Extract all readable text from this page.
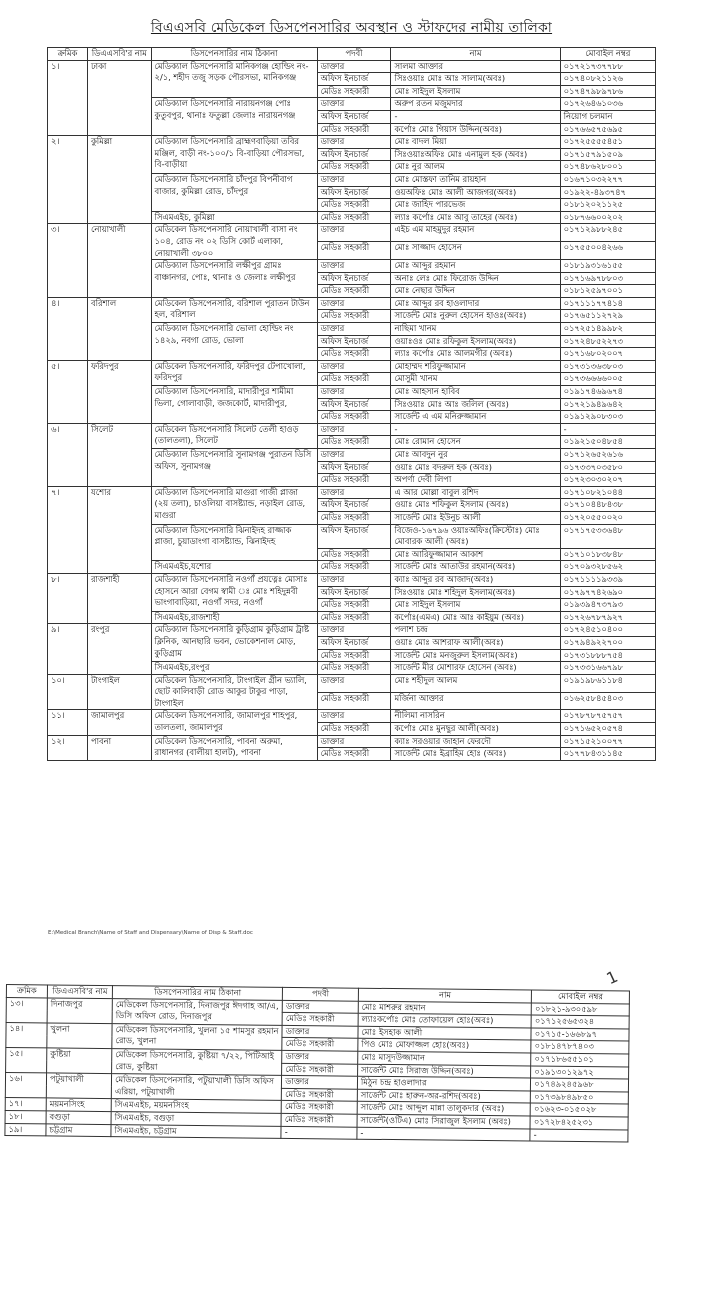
বিএএসবি মেডিকেল ডিসপেনসারির অবস্থান ও স্টাফদের নামীয় তালিকা
ক্রমিক	ডিএএসবি'র নাম	ডিসপেনসারির নাম ঠিকানা	পদবী	নাম	মোবাইল নম্বর
১।	ঢাকা	মেডিক্যাল ডিসপেনসারি মানিকগঞ্জ হোল্ডিং নং- ২/১, শহীদ তজু সড়ক পৌরসভা, মানিকগঞ্জ	ডাক্তার	সালমা আক্তার	০১৭২১৭৩৭৭৮৮
			অফিস ইনচার্জ	সিঃওয়াঃ মোঃ আঃ সালাম(অবঃ)	০১৭৪০৮২১১২৬
			মেডিঃ সহকারী	মোঃ সাইদুল ইসলাম	০১৭৪৭৯৮৯৭৮৬
		মেডিক্যাল ডিসপেনসারি নারায়নগঞ্জ পোঃ কুতুবপুর, থানাঃ ফতুল্লা জেলাঃ নারায়নগঞ্জ	ডাক্তার	অরুপ রতন মজুমদার	০১৭২৬৪৬১০৩৬
			অফিস ইনচার্জ	-	নিয়োগ চলমান
			মেডিঃ সহকারী	কর্পোঃ মোঃ গিয়াস উদ্দিন(অবঃ)	০১৭৬৬৫৭৫৬৯৫
২।	কুমিল্লা	মেডিক্যাল ডিসপেনসারি ব্রাহ্মণবাড়িয়া তবির মঞ্জিল, বাড়ী নং-১০০/১ বি-বাড়িয়া পৌরসভা, বি-বাড়ীয়া	ডাক্তার	মোঃ বাদল মিয়া	০১৭২৫৫৫৫৪৫১
			অফিস ইনচার্জ	সিঃওয়াঃঅফিঃ মোঃ এনামুল হক (অবঃ)	০১৭১৫৭৯১৫০৯
			মেডিঃ সহকারী	মোঃ নুর আলম	০১৭৪৮৬২৮০০১
		মেডিক্যাল ডিসপেনসারি চাঁদপুর বিপনীবাগ বাজার, কুমিল্লা রোড, চাঁদপুর	ডাক্তার	মোঃ মোস্তফা তানিম রায়হান	০১৬৭১০৩২২৭৭
			অফিস ইনচার্জ	ওয়অফিঃ মোঃ আলী আজগর(অবঃ)	০১৯২২-৪৯৩৭৪৭
			মেডিঃ সহকারী	মোঃ জাহিদ পারভেজ	০১৮১২০২১১২৫
		সিএমএইচ, কুমিল্লা	মেডিঃ সহকারী	ল্যাঃ কর্পোঃ মোঃ আবু তাহের (অবঃ)	০১৮৭৬৬০০২০২
৩।	নোয়াখালী	মেডিকেল ডিসপেনসারি নোয়াখালী বাসা নং ১০৪, রোড নং ০২ ডিসি কোর্ট এলাকা, নোয়াখালী ৩৮০০	ডাক্তার	এইচ এম মাহমুদুর রহমান	০১৭১২৯৮৮২৪৫
			মেডিঃ সহকারী	মোঃ সাজ্জাদ হোসেন	০১৭৫৫০০৪২৬৬
		মেডিক্যাল ডিসপেনসারি লক্ষীপুর গ্রামঃ বাঞ্চানগর, পোঃ, থানাঃ ও জেলাঃ লক্ষীপুর	ডাক্তার	মোঃ আব্দুর রহমান	০১৮১৯৩১৬১৫৫
			অফিস ইনচার্জ	অনাঃ লেঃ মোঃ ফিরোজ উদ্দিন	০১৭১৬৯৭৮৮০৩
			মেডিঃ সহকারী	মোঃ নেছার উদ্দিন	০১৮১২৫৯৭০০১
৪।	বরিশাল	মেডিকেল ডিসপেনসারি, বরিশাল পুরাতন টাউন হল, বরিশাল	ডাক্তার	মোঃ আব্দুর রব হাওলাদার	০১৭১১১৭৭৪১৪
			মেডিঃ সহকারী	সার্জেন্ট মোঃ নুরুল হোসেন হাওঃ(অবঃ)	০১৭৬৫১১২৭২৯
		মেডিক্যাল ডিসপেনসারি ভোলা হোল্ডিং নং ১৪২৯, নবগা রোড, ভোলা	ডাক্তার	নাছিমা খানম	০১৭২৫১৪৯৯৮২
			অফিস ইনচার্জ	ওয়াঃওঃ মোঃ রফিকুল ইসলাম(অবঃ)	০১৭২৪৮৫২২৭৩
			মেডিঃ সহকারী	ল্যাঃ কর্পোঃ মোঃ আলমগীর (অবঃ)	০১৭১৬৮০২০০৭
৫।	ফরিদপুর	মেডিকেল ডিসপেনসারি, ফরিদপুর টেপাখোলা, ফরিদপুর	ডাক্তার	মোহাম্মদ শরিফুজ্জামান	০১৭৩১৩৬৩৮০৩
			মেডিঃ সহকারী	মোসুমী খানম	০১৭৩৬৬৬৬০০৫
		মেডিক্যাল ডিসপেনসারি, মাদারীপুর শামীমা ভিলা, গোলাবাড়ী, জজকোর্ট, মাদারীপুর,	ডাক্তার	মোঃ আহসান হাবিব	০১৯১৭৪৬৯৬৭৪
			অফিস ইনচার্জ	সিঃওয়াঃ মোঃ আঃ জলিল (অবঃ)	০১৭২১৯৪৯৬৪২
			মেডিঃ সহকারী	সার্জেন্ট এ এম মনিরুজ্জামান	০১৯১২৯০৮৩০৩
৬।	সিলেট	মেডিকেল ডিসপেনসারি সিলেট তেলী হাওড় (তালতলা), সিলেট	ডাক্তার	-	-
			মেডিঃ সহকারী	মোঃ রোমান হোসেন	০১৯২১৫০৪৮৫৪
		মেডিক্যাল ডিসপেনসারি সুনামগঞ্জ পুরাতন ডিসি অফিস, সুনামগঞ্জ	ডাক্তার	মোঃ আবদুন নুর	০১৭১২৬৫২৬১৬
			অফিস ইনচার্জ	ওয়াঃ মোঃ বদরুল হক (অবঃ)	০১৭৩৩৭০৩৫৮০
			মেডিঃ সহকারী	অপর্ণা দেবী লিপা	০১৭২৩০৩০২০৭
৭।	যশোর	মেডিক্যাল ডিসপেনসারি মাগুরা গাজী প্লাজা (২য় তলা), চাওলিয়া বাসষ্ট্যান্ড, নড়াইল রোড, মাগুরা	ডাক্তার	এ আর মোল্লা বাবুল রশিদ	০১৭১০৮২১০৪৪
			অফিস ইনচার্জ	ওয়াঃ মোঃ শফিকুল ইসলাম (অবঃ)	০১৭১০৪৪৮৪৩৮
			মেডিঃ সহকারী	সার্জেন্ট মোঃ ইউনুচ আলী	০১৭২০৫৫০০২০
		মেডিক্যাল ডিসপেনসারি ঝিনাইদহ রাজ্জাক প্লাজা, চুয়াডাংগা বাসষ্ট্যান্ড, ঝিনাইদহ	অফিস ইনচার্জ	বিজেও-১৬৭৯৬ ওয়াঃঅফিঃ(ক্রিস্টোঃ) মোঃ মোবারক আলী (অবঃ)	০১৭১৭৫৩৩৬৪৮
			মেডিঃ সহকারী	মোঃ আরিফুজ্জামান আকাশ	০১৭১০১৮৩৮৪৮
		সিএমএইচ,যশোর	মেডিঃ সহকারী	সার্জেন্ট মোঃ আতাউর রহমান(অবঃ)	০১৭০৯৩২৮৫৬২
৮।	রাজশাহী	মেডিক্যাল ডিসপেনসারি নওগাঁ প্রযত্নেঃ মোসাঃ হোসনে আরা বেগম স্বামী ঃ মোঃ শহিদুন্নবী ভাংগাবাড়িয়া, নওগাঁ সদর, নওগাঁ	ডাক্তার	ক্যাঃ আব্দুর রব আজাদ(অবঃ)	০১৭১১১১৯৩৩৯
			অফিস ইনচার্জ	সিঃওয়াঃ মোঃ শহিদুল ইসলাম(অবঃ)	০১৭৯৭৭৪২৬৯০
			মেডিঃ সহকারী	মোঃ সাইদুল ইসলাম	০১৯৩৯৪৭৩৭৯৩
		সিএমএইচ,রাজশাহী	মেডিঃ সহকারী	কর্পোঃ(এমএ) মোঃ আঃ কাইয়ুম (অবঃ)	০১৭২৬৭৮৭৯২৭
৯।	রংপুর	মেডিক্যাল ডিসপেনসারি কুড়িগ্রাম কুড়িগ্রাম ট্রাষ্ট ক্লিনিক, আনছারি ভবন, ভোকেশনাল মোড়, কুড়িগ্রাম	ডাক্তার	পলাশ চন্দ্র	০১৭২৪৫১০৪০০
			অফিস ইনচার্জ	ওয়াঃ মোঃ আশরাফ আলী(অবঃ)	০১৭৯৪৯২২৭০০
			মেডিঃ সহকারী	সার্জেন্ট মোঃ মনজুরুল ইসলাম(অবঃ)	০১৭৩১৮৮৮৭৫৪
		সিএমএইচ,রংপুর	মেডিঃ সহকারী	সার্জেন্ট মীর মোশারফ হোসেন (অবঃ)	০১৭৩৩১৬৬৭৯৮
১০।	টাংগাইল	মেডিকেল ডিসপেনসারি, টাংগাইল গ্রীন ভ্যালি, ছোট কালিবাড়ী রোড আকুর টাকুর পাড়া, টাংগাইল	ডাক্তার	মোঃ শহীদুল আলম	০১৯১৯৮৬১১৮৪
			মেডিঃ সহকারী	মর্জিনা আক্তার	০১৬২৫৮৪৫৪০৩
১১।	জামালপুর	মেডিকেল ডিসপেনসারি, জামালপুর শাহপুর, তালতলা, জামালপুর	ডাক্তার	নীলিমা নাসরিন	০১৭৮৭৮৭৫৭৫৭
			মেডিঃ সহকারী	কর্পোঃ মোঃ মুনছুর আলী(অবঃ)	০১৭১৬৫২০৫৭৪
১২।	পাবনা	মেডিকেল ডিসপেনসারি, পাবনা অরুমা, রাধানগর (বালীয়া হালট), পাবনা	ডাক্তার	ক্যাঃ সরওয়ার জাহান ফেরদৌ	০১৭১৫২১০০৭৭
			মেডিঃ সহকারী	সার্জেন্ট মোঃ ইব্রাহিম হোঃ (অবঃ)	০১৭৭৮৪৩১১৪৫
E:\Medical Branch\Name of Staff and Dispensary\Name of Disp & Staff.doc
1
ক্রমিক	ডিএএসবি'র নাম	ডিসপেনসারির নাম ঠিকানা	পদবী	নাম	মোবাইল নম্বর
১৩।	দিনাজপুর	মেডিকেল ডিসপেনসারি, দিনাজপুর ঈদগাহ আ/এ, ডিসি অফিস রোড, দিনাজপুর	ডাক্তার	মোঃ মাশরুর রহমান	০১৮২১-৯৩০৫৯৮
			মেডিঃ সহকারী	ল্যাঃকর্পোঃ মোঃ তোফায়েল হোঃ(অবঃ)	০১৭১২৫৬৫৩২৪
১৪।	খুলনা	মেডিকেল ডিসপেনসারি, খুলনা ১৫ শামসুর রহমান রোড, খুলনা	ডাক্তার	মোঃ ইসহাক আলী	০১৭১৫-১৬৬৮৯৭
			মেডিঃ সহকারী	পিও মোঃ মোফাজ্জল হোঃ(অবঃ)	০১৮১৪৭৮৭৪০৩
১৫।	কুষ্টিয়া	মেডিকেল ডিসপেনসারি, কুষ্টিয়া ৭/২২, পিটিআই রোড, কুষ্টিয়া	ডাক্তার	মোঃ মাসুদউজ্জামান	০১৭১৮৬৫৫১০১
			মেডিঃ সহকারী	সার্জেন্ট মোঃ সিরাজ উদ্দিন(অবঃ)	০১৯১৩০১২৯৭২
১৬।	পটুয়াখালী	মেডিকেল ডিসপেনসারি, পটুয়াখালী ডিসি অফিস এরিয়া, পটুয়াখালী	ডাক্তার	মিঠুন চন্দ্র হাওলাদার	০১৭৪৯২৪৫৯৬৮
			মেডিঃ সহকারী	সার্জেন্ট মোঃ হারুন-অর-রশিদ(অবঃ)	০১৭৩৯৮৪৯৮৫০
১৭।	ময়মনসিংহ	সিএমএইচ, ময়মনসিংহ	মেডিঃ সহকারী	সার্জেন্ট মোঃ আব্দুল মান্না তালুকদার (অবঃ)	০১৬২৩-০১৫০২৮
১৮।	বগুড়া	সিএমএইচ, বগুড়া	মেডিঃ সহকারী	সার্জেন্ট(ওটিএ) মোঃ সিরাজুল ইসলাম (অবঃ)	০১৭২৮৪২৫২৩১
১৯।	চট্টগ্রাম	সিএমএইচ, চট্টগ্রাম	-	-	-
